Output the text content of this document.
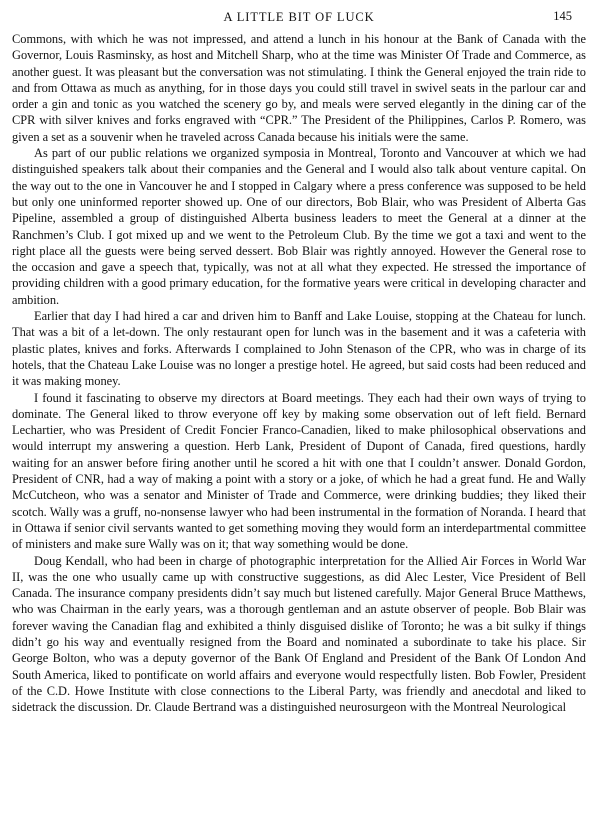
A LITTLE BIT OF LUCK	145

Commons, with which he was not impressed, and attend a lunch in his honour at the Bank of Canada with the Governor, Louis Rasminsky, as host and Mitchell Sharp, who at the time was Minister Of Trade and Commerce, as another guest. It was pleasant but the conversation was not stimulating. I think the General enjoyed the train ride to and from Ottawa as much as anything, for in those days you could still travel in swivel seats in the parlour car and order a gin and tonic as you watched the scenery go by, and meals were served elegantly in the dining car of the CPR with silver knives and forks engraved with “CPR.” The President of the Philippines, Carlos P. Romero, was given a set as a souvenir when he traveled across Canada because his initials were the same.

As part of our public relations we organized symposia in Montreal, Toronto and Vancouver at which we had distinguished speakers talk about their companies and the General and I would also talk about venture capital. On the way out to the one in Vancouver he and I stopped in Calgary where a press conference was supposed to be held but only one uninformed reporter showed up. One of our directors, Bob Blair, who was President of Alberta Gas Pipeline, assembled a group of distinguished Alberta business leaders to meet the General at a dinner at the Ranchmen’s Club. I got mixed up and we went to the Petroleum Club. By the time we got a taxi and went to the right place all the guests were being served dessert. Bob Blair was rightly annoyed. However the General rose to the occasion and gave a speech that, typically, was not at all what they expected. He stressed the importance of providing children with a good primary education, for the formative years were critical in developing character and ambition.

Earlier that day I had hired a car and driven him to Banff and Lake Louise, stopping at the Chateau for lunch. That was a bit of a let-down. The only restaurant open for lunch was in the basement and it was a cafeteria with plastic plates, knives and forks. Afterwards I complained to John Stenason of the CPR, who was in charge of its hotels, that the Chateau Lake Louise was no longer a prestige hotel. He agreed, but said costs had been reduced and it was making money.

I found it fascinating to observe my directors at Board meetings. They each had their own ways of trying to dominate. The General liked to throw everyone off key by making some observation out of left field. Bernard Lechartier, who was President of Credit Foncier Franco-Canadien, liked to make philosophical observations and would interrupt my answering a question. Herb Lank, President of Dupont of Canada, fired questions, hardly waiting for an answer before firing another until he scored a hit with one that I couldn’t answer. Donald Gordon, President of CNR, had a way of making a point with a story or a joke, of which he had a great fund. He and Wally McCutcheon, who was a senator and Minister of Trade and Commerce, were drinking buddies; they liked their scotch. Wally was a gruff, no-nonsense lawyer who had been instrumental in the formation of Noranda. I heard that in Ottawa if senior civil servants wanted to get something moving they would form an interdepartmental committee of ministers and make sure Wally was on it; that way something would be done.

Doug Kendall, who had been in charge of photographic interpretation for the Allied Air Forces in World War II, was the one who usually came up with constructive suggestions, as did Alec Lester, Vice President of Bell Canada. The insurance company presidents didn’t say much but listened carefully. Major General Bruce Matthews, who was Chairman in the early years, was a thorough gentleman and an astute observer of people. Bob Blair was forever waving the Canadian flag and exhibited a thinly disguised dislike of Toronto; he was a bit sulky if things didn’t go his way and eventually resigned from the Board and nominated a subordinate to take his place. Sir George Bolton, who was a deputy governor of the Bank Of England and President of the Bank Of London And South America, liked to pontificate on world affairs and everyone would respectfully listen. Bob Fowler, President of the C.D. Howe Institute with close connections to the Liberal Party, was friendly and anecdotal and liked to sidetrack the discussion. Dr. Claude Bertrand was a distinguished neurosurgeon with the Montreal Neurological
